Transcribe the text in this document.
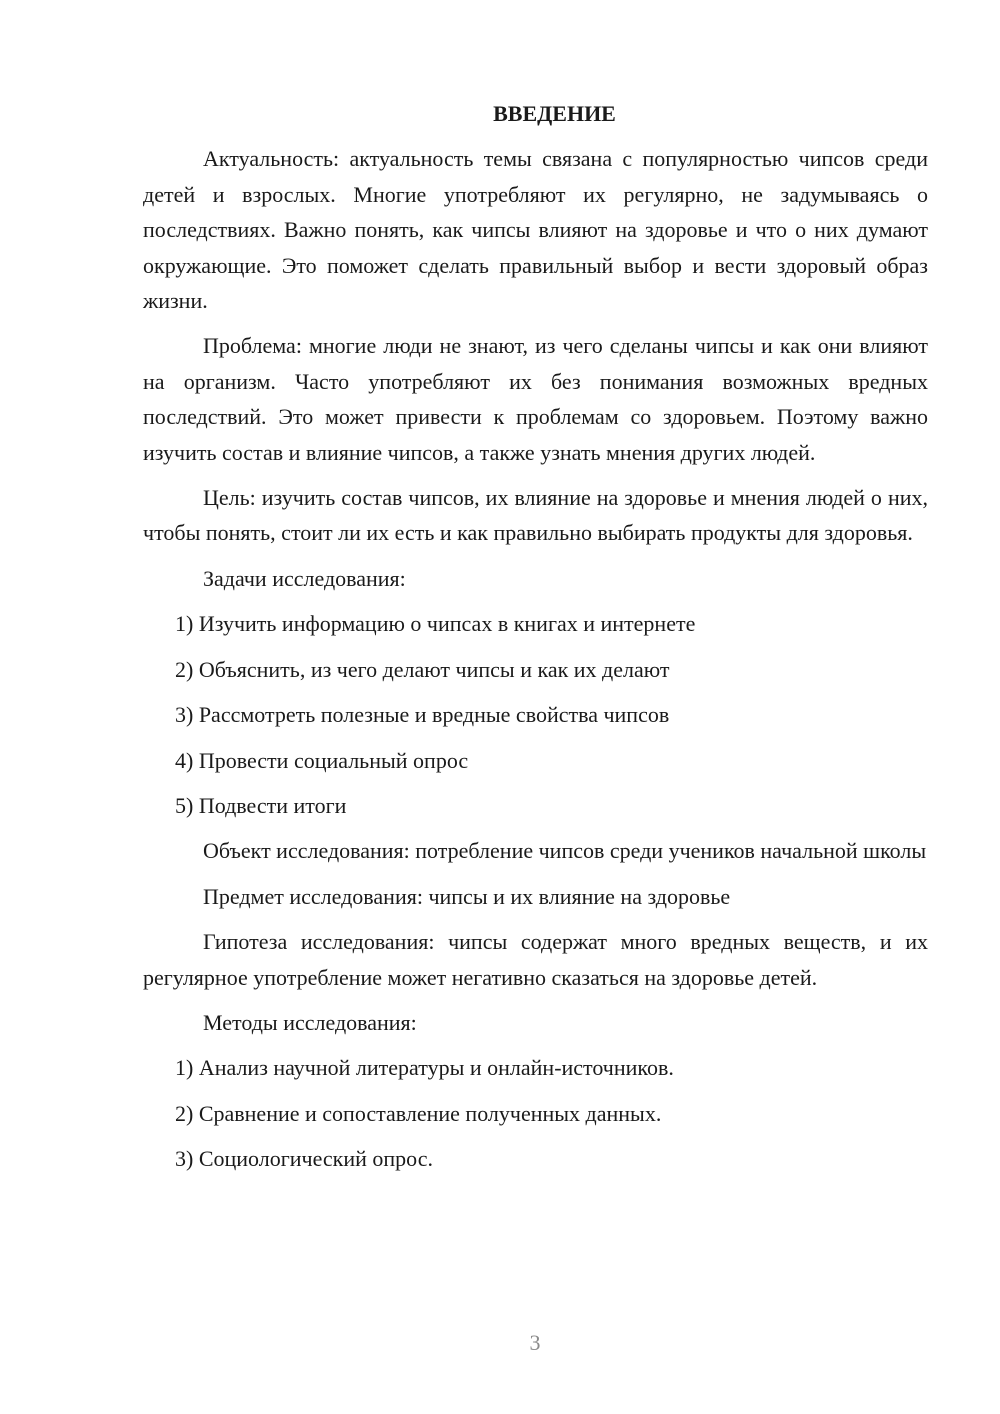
ВВЕДЕНИЕ

Актуальность: актуальность темы связана с популярностью чипсов среди детей и взрослых. Многие употребляют их регулярно, не задумываясь о последствиях. Важно понять, как чипсы влияют на здоровье и что о них думают окружающие. Это поможет сделать правильный выбор и вести здоровый образ жизни.

Проблема: многие люди не знают, из чего сделаны чипсы и как они влияют на организм. Часто употребляют их без понимания возможных вредных последствий. Это может привести к проблемам со здоровьем. Поэтому важно изучить состав и влияние чипсов, а также узнать мнения других людей.

Цель: изучить состав чипсов, их влияние на здоровье и мнения людей о них, чтобы понять, стоит ли их есть и как правильно выбирать продукты для здоровья.

Задачи исследования:
1) Изучить информацию о чипсах в книгах и интернете
2) Объяснить, из чего делают чипсы и как их делают
3) Рассмотреть полезные и вредные свойства чипсов
4) Провести социальный опрос
5) Подвести итоги

Объект исследования: потребление чипсов среди учеников начальной школы

Предмет исследования: чипсы и их влияние на здоровье

Гипотеза исследования: чипсы содержат много вредных веществ, и их регулярное употребление может негативно сказаться на здоровье детей.

Методы исследования:
1) Анализ научной литературы и онлайн-источников.
2) Сравнение и сопоставление полученных данных.
3) Социологический опрос.
3
